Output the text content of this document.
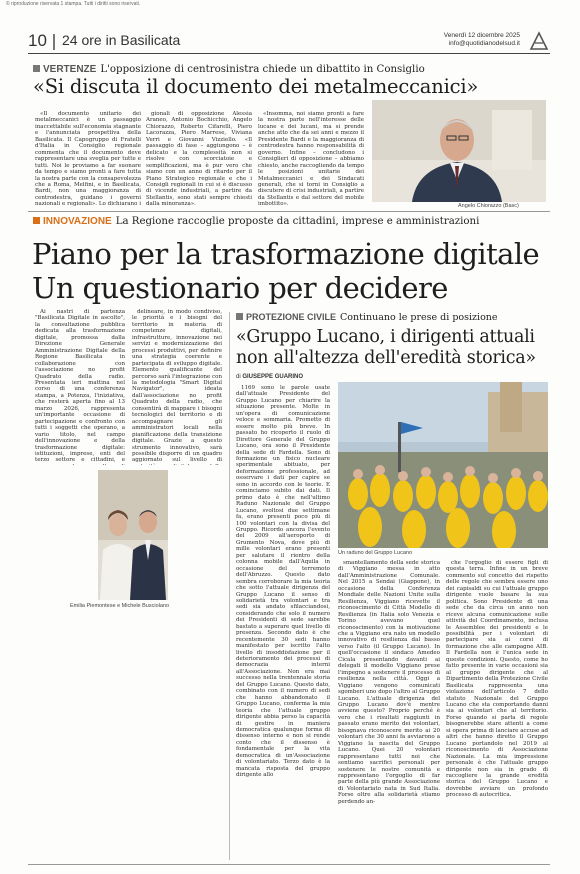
© riproduzione riservata 1 stampa. Tutti i diritti sono riservati.
10 24 ore in Basilicata	Venerdì 12 dicembre 2025
info@quotidianodelsud.it
VERTENZE L'opposizione di centrosinistra chiede un dibattito in Consiglio
«Si discuta il documento dei metalmeccanici»

«Il documento unitario dei metalmeccanici è un passaggio inaccettabile sull'economia stagnante e l'annunciata prospettiva della Basilicata. Il Capogruppo di Fratelli d'Italia in Consiglio regionale commenta che il documento deve rappresentare una sveglia per tutte e tutti. Noi le proviamo a far suonare da tempo e siamo pronti a fare tutta la nostra parte con la consapevolezza che a Roma, Melfini, e in Basilicata, Bardi, non una maggioranza di centrodestra, guidano i governi nazionali e regionali». Lo dichiarano i

gionali di opposizione Alessia Araneo, Antonio Bochicchio, Angelo Chiorazzo, Roberto Cifarelli, Piero Lacorazza, Piero Marrese, Viviana Verri e Giovanni Vizziello. «Il passaggio di fase – aggiungono – è delicato e la complessità non si risolve con scorciatoie e semplificazioni, ma è pur vero che siamo con un anno di ritardo per il Piano Strategico regionale e che i Consigli regionali in cui si è discusso di vicende industriali, a partire da Stellantis, sono stati sempre chiesti dalla minoranza».

«Insomma, noi siamo pronti a fare la nostra parte nell'interesse delle lucane e dei lucani, ma si prende anche atto che da sei anni e mezzo il Presidente Bardi e la maggioranza di centrodestra hanno responsabilità di governo. Infine – concludono i Consiglieri di opposizione – abbiamo chiesto, anche raccogliendo da tempo le posizioni unitarie dei Metalmeccanici e dei Sindacati generali, che si torni in Consiglio a discutere di crisi industriali, a partire da Stellantis e dal settore del mobile imbottito».	Angelo Chiorazzo (Basc)
INNOVAZIONE La Regione raccoglie proposte da cittadini, imprese e amministrazioni
Piano per la trasformazione digitale
Un questionario per decidere

Ai nastri di partenza "Basilicata Digitale in ascolto", la consultazione pubblica dedicata alla trasformazione digitale, promossa dalla Direzione Generale Amministrazione Digitale della Regione Basilicata in collaborazione con l'associazione no profit Quadrato della radio. Presentata ieri mattina nel corso di una conferenza stampa, a Potenza, l'iniziativa, che resterà aperta fino al 13 marzo 2026, rappresenta un'importante occasione di partecipazione e confronto con tutti i soggetti che operano, a vario titolo, nel campo dell'innovazione e della trasformazione digitale: istituzioni, imprese, enti del terzo settore e cittadini, e

delineare, in modo condiviso, le priorità e i bisogni del territorio in materia di competenze digitali, infrastrutture, innovazione nei servizi e modernizzazione dei processi produttivi, per definire una strategia coerente e partecipata di sviluppo digitale. Elemento qualificante del percorso sarà l'integrazione con la metodologia "Smart Digital Navigator", ideata dall'associazione no profit Quadrato della radio, che consentirà di mappare i bisogni tecnologici del territorio e di accompagnare gli amministratori locali nella pianificazione della transizione digitale. Grazie a questo strumento innovativo, sarà possibile disporre di un quadro aggiornato sul livello di

Emilia Piemontese e Michele Busciolano
PROTEZIONE CIVILE Continuano le prese di posizione
«Gruppo Lucano, i dirigenti attuali
non all'altezza dell'eredità storica»
di GIUSEPPE GUARINO

1169 sono le parole usate dall'attuale Presidente del Gruppo Lucano per chiarire la situazione presente. Molte in un'opera di comunicazione veloce e sommaria. Prometto di essere molto più breve. In passato ho ricoperto il ruolo di Direttore Generale del Gruppo Lucano, ora sono il Presidente della sede di Fardella. Sono di formazione un fisico nucleare sperimentale abituato, per deformazione professionale, ad osservare i dati per capire se sono in accordo con le teorie. E cominciamo subito dai dati. Il primo dato è che nell'ultimo Raduno Nazionale del Gruppo Lucano, svoltosi due settimane fa, erano presenti poco più di 100 volontari con la divisa del Gruppo. Ricordo ancora l'evento del 2009 all'aeroporto di Grumento Nova, dove più di mille volontari erano presenti per salutare il rientro della colonna mobile dall'Aquila in occasione del terremoto dell'Abruzzo. Questo dato sembra corroborare la mia teoria che sotto l'attuale dirigenza del Gruppo Lucano il senso di solidarietà tra volontari e tra sedi sia andato sfilacciandosi, considerando che solo il numero dei Presidenti di sede sarebbe bastato a superare quel livello di presenza. Secondo dato è che recentemente 30 sedi hanno manifestato per iscritto l'alto livello di insoddisfazione per il deterioramento dei processi di democrazia interni all'Associazione. Non era mai successo nella trentennale storia del Gruppo Lucano. Questo dato, combinato con il numero di sedi che hanno abbandonato il Gruppo Lucano, conferma la mia teoria che l'attuale gruppo dirigente abbia perso la capacità di gestire in maniera democratica qualunque forma di dissenso interno e non si rende conto che il dissenso è fondamentale per la vita democratica di un'Associazione di volontariato. Terzo dato è la mancata risposta del gruppo dirigente allo

Un raduno del Gruppo Lucano

smantellamento della sede storica di Viggiano messa in atto dall'Amministrazione Comunale. Nel 2015 a Sendai (Giappone), in occasione della Conferenza Mondiale delle Nazioni Unite sulla Resilienza, Viggiano ricevette il riconoscimento di Città Modello di Resilienza (in Italia solo Venezia e Torino avevano quel riconoscimento) con la motivazione che a Viggiano era nato un modello innovativo di resilienza dal basso verso l'alto (il Gruppo Lucano). In quell'occasione il sindaco Amedeo Cicala presentando davanti ai delegati il modello Viggiano prese l'impegno a sostenere il processo di resilienza nella città. Oggi a Viggiano vengono comunicati sgomberi uno dopo l'altro al Gruppo Lucano. L'attuale dirigenza del Gruppo Lucano dov'è mentre avviene questo? Proprio perché è vero che i risultati raggiunti in passato erano merito dei volontari, bisognava riconoscere merito ai 20 volontari che 30 anni fa avviarono a Viggiano la nascita del Gruppo Lucano. Quei 20 volontari rappresentano tutti noi che sentiamo sacrifici personali per sostenere le nostre comunità e rappresentano l'orgoglio di far parte della più grande Associazione di Volontariato nata in Sud Italia. Forse oltre alla solidarietà stiamo perdendo an-

che l'orgoglio di essere figli di questa terra. Infine in un breve commento sul concetto dei rispetto delle regole che sembra essere uno dei capisaldi su cui l'attuale gruppo dirigente vuole basare la sua politica. Sono Presidente di una sede che da circa un anno non riceve alcuna comunicazione sulle attività del Coordinamento, inclusa le Assemblee dei presidenti e le possibilità per i volontari di partecipare sia ai corsi di formazione che alle campagne AIB. Il Fardella non è l'unica sede in queste condizioni. Questo, come ho fatto presente in varie occasioni sia al gruppo dirigente che al Dipartimento della Protezione Civile Basilicata rappresenta una violazione dell'articolo 7 dello statuto Nazionale del Gruppo Lucano che sta comportando danni sia ai volontari che al territorio. Forse quando si parla di regole bisognerebbe stare attenti a come si opera prima di lanciare accuse ad altri che hanno diretto il Gruppo Lucano portandolo nel 2019 al riconoscimento di Associazione Nazionale. La mia impressione personale è che l'attuale gruppo dirigente non sia in grado di raccogliere la grande eredità storica del Gruppo Lucano e dovrebbe avviare un profondo processo di autocritica.
